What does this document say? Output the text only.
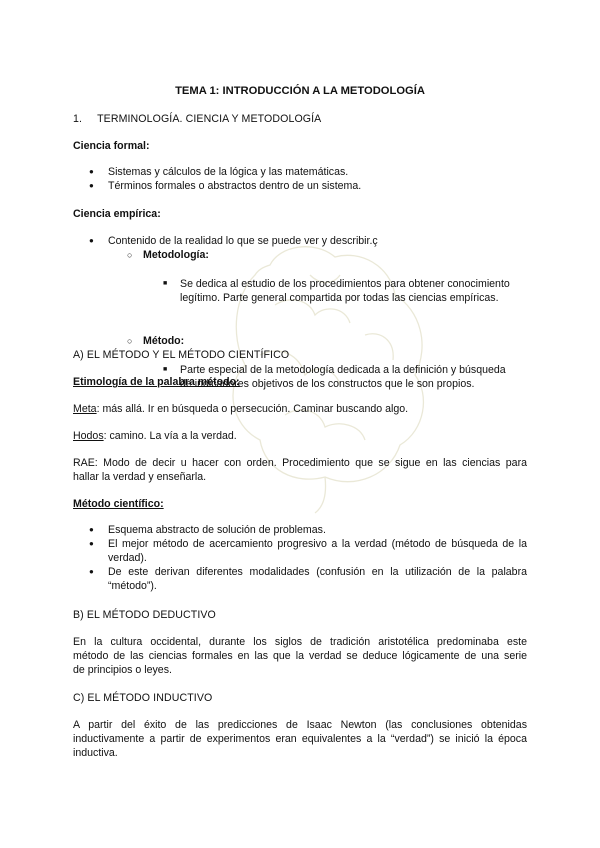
TEMA 1: INTRODUCCIÓN A LA METODOLOGÍA
1. TERMINOLOGÍA. CIENCIA Y METODOLOGÍA
Ciencia formal:
● Sistemas y cálculos de la lógica y las matemáticas.
● Términos formales o abstractos dentro de un sistema.
Ciencia empírica:
● Contenido de la realidad lo que se puede ver y describir.ç
○ Metodología:
■ Se dedica al estudio de los procedimientos para obtener conocimiento
legítimo. Parte general compartida por todas las ciencias empíricas.
○ Método:
■ Parte especial de la metodología dedicada a la definición y búsqueda
de indicadores objetivos de los constructos que le son propios.
A) EL MÉTODO Y EL MÉTODO CIENTÍFICO
Etimología de la palabra método:
Meta: más allá. Ir en búsqueda o persecución. Caminar buscando algo.
Hodos: camino. La vía a la verdad.
RAE: Modo de decir u hacer con orden. Procedimiento que se sigue en las ciencias para
hallar la verdad y enseñarla.
Método científico:
● Esquema abstracto de solución de problemas.
● El mejor método de acercamiento progresivo a la verdad (método de búsqueda de la
verdad).
● De este derivan diferentes modalidades (confusión en la utilización de la palabra
“método”).
B) EL MÉTODO DEDUCTIVO
En la cultura occidental, durante los siglos de tradición aristotélica predominaba este
método de las ciencias formales en las que la verdad se deduce lógicamente de una serie
de principios o leyes.
C) EL MÉTODO INDUCTIVO
A partir del éxito de las predicciones de Isaac Newton (las conclusiones obtenidas
inductivamente a partir de experimentos eran equivalentes a la “verdad”) se inició la época
inductiva.
